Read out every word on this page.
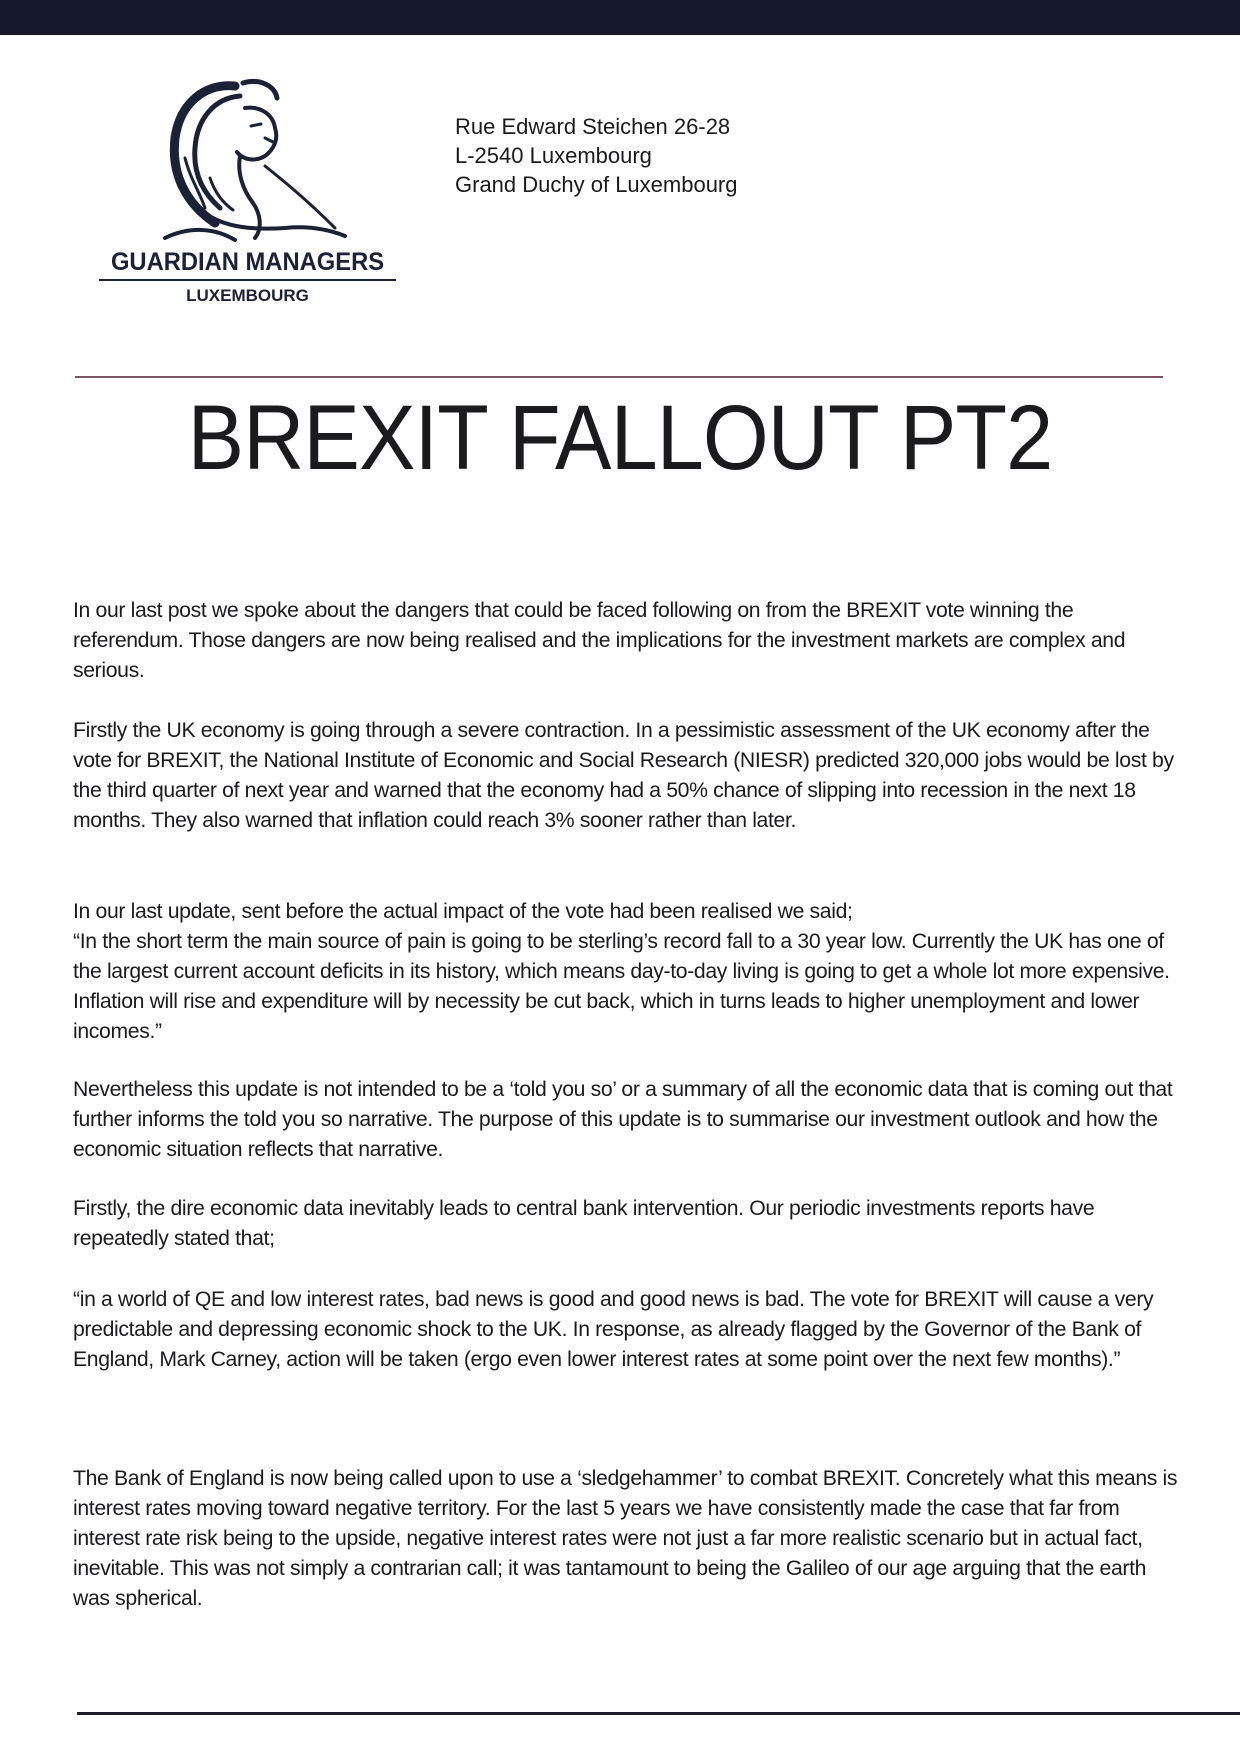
GUARDIAN MANAGERS
LUXEMBOURG
Rue Edward Steichen 26-28
L-2540 Luxembourg
Grand Duchy of Luxembourg
BREXIT FALLOUT PT2

In our last post we spoke about the dangers that could be faced following on from the BREXIT vote winning the referendum. Those dangers are now being realised and the implications for the investment markets are complex and serious.

Firstly the UK economy is going through a severe contraction. In a pessimistic assessment of the UK economy after the vote for BREXIT, the National Institute of Economic and Social Research (NIESR) predicted 320,000 jobs would be lost by the third quarter of next year and warned that the economy had a 50% chance of slipping into recession in the next 18 months. They also warned that inflation could reach 3% sooner rather than later.

In our last update, sent before the actual impact of the vote had been realised we said;

“In the short term the main source of pain is going to be sterling’s record fall to a 30 year low. Currently the UK has one of the largest current account deficits in its history, which means day-to-day living is going to get a whole lot more expensive. Inflation will rise and expenditure will by necessity be cut back, which in turns leads to higher unemployment and lower incomes.”

Nevertheless this update is not intended to be a ‘told you so’ or a summary of all the economic data that is coming out that further informs the told you so narrative. The purpose of this update is to summarise our investment outlook and how the economic situation reflects that narrative.

Firstly, the dire economic data inevitably leads to central bank intervention. Our periodic investments reports have repeatedly stated that;

“in a world of QE and low interest rates, bad news is good and good news is bad. The vote for BREXIT will cause a very predictable and depressing economic shock to the UK. In response, as already flagged by the Governor of the Bank of England, Mark Carney, action will be taken (ergo even lower interest rates at some point over the next few months).”

The Bank of England is now being called upon to use a ‘sledgehammer’ to combat BREXIT. Concretely what this means is interest rates moving toward negative territory. For the last 5 years we have consistently made the case that far from interest rate risk being to the upside, negative interest rates were not just a far more realistic scenario but in actual fact, inevitable. This was not simply a contrarian call; it was tantamount to being the Galileo of our age arguing that the earth was spherical.
